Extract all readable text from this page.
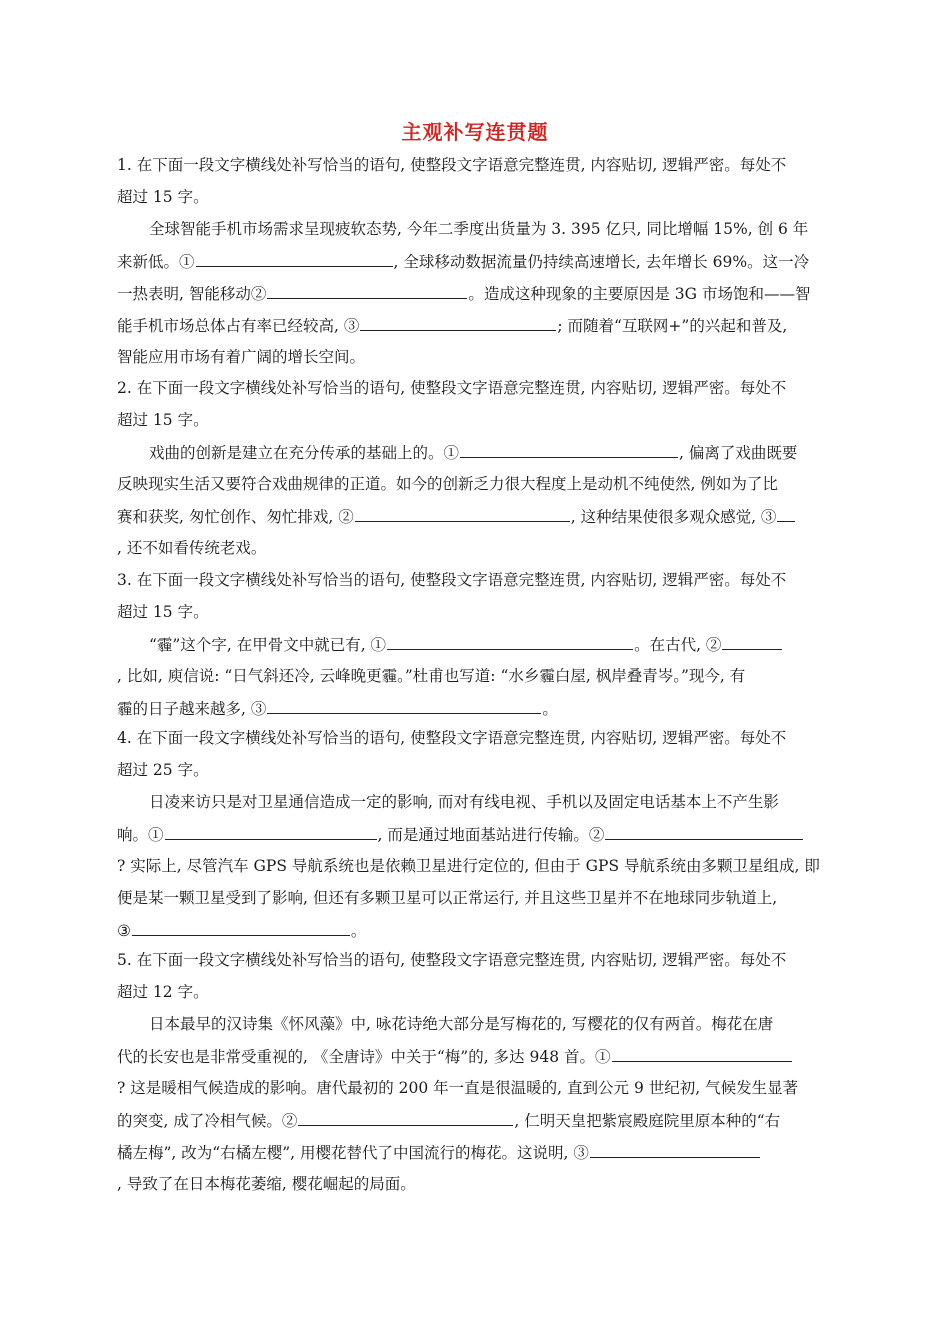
主观补写连贯题
1. 在下面一段文字横线处补写恰当的语句, 使整段文字语意完整连贯, 内容贴切, 逻辑严密。每处不
超过 15 字。
全球智能手机市场需求呈现疲软态势, 今年二季度出货量为 3. 395 亿只, 同比增幅 15%, 创 6 年
来新低。①	, 全球移动数据流量仍持续高速增长, 去年增长 69%。这一冷
一热表明, 智能移动②	。造成这种现象的主要原因是 3G 市场饱和——智
能手机市场总体占有率已经较高, ③	; 而随着“互联网+”的兴起和普及,
智能应用市场有着广阔的增长空间。
2. 在下面一段文字横线处补写恰当的语句, 使整段文字语意完整连贯, 内容贴切, 逻辑严密。每处不
超过 15 字。
戏曲的创新是建立在充分传承的基础上的。①	, 偏离了戏曲既要
反映现实生活又要符合戏曲规律的正道。如今的创新乏力很大程度上是动机不纯使然, 例如为了比
赛和获奖, 匆忙创作、匆忙排戏, ②	, 这种结果使很多观众感觉, ③
, 还不如看传统老戏。
3. 在下面一段文字横线处补写恰当的语句, 使整段文字语意完整连贯, 内容贴切, 逻辑严密。每处不
超过 15 字。
“霾”这个字, 在甲骨文中就已有, ①	。在古代, ②
, 比如, 庾信说: “日气斜还冷, 云峰晚更霾。”杜甫也写道: “水乡霾白屋, 枫岸叠青岑。”现今, 有
霾的日子越来越多, ③	。
4. 在下面一段文字横线处补写恰当的语句, 使整段文字语意完整连贯, 内容贴切, 逻辑严密。每处不
超过 25 字。
日凌来访只是对卫星通信造成一定的影响, 而对有线电视、手机以及固定电话基本上不产生影
响。①	, 而是通过地面基站进行传输。②
? 实际上, 尽管汽车 GPS 导航系统也是依赖卫星进行定位的, 但由于 GPS 导航系统由多颗卫星组成, 即
便是某一颗卫星受到了影响, 但还有多颗卫星可以正常运行, 并且这些卫星并不在地球同步轨道上,
③	。
5. 在下面一段文字横线处补写恰当的语句, 使整段文字语意完整连贯, 内容贴切, 逻辑严密。每处不
超过 12 字。
日本最早的汉诗集《怀风藻》中, 咏花诗绝大部分是写梅花的, 写樱花的仅有两首。梅花在唐
代的长安也是非常受重视的, 《全唐诗》中关于“梅”的, 多达 948 首。①
? 这是暖相气候造成的影响。唐代最初的 200 年一直是很温暖的, 直到公元 9 世纪初, 气候发生显著
的突变, 成了冷相气候。②	, 仁明天皇把紫宸殿庭院里原本种的“右
橘左梅”, 改为“右橘左樱”, 用樱花替代了中国流行的梅花。这说明, ③
, 导致了在日本梅花萎缩, 樱花崛起的局面。
